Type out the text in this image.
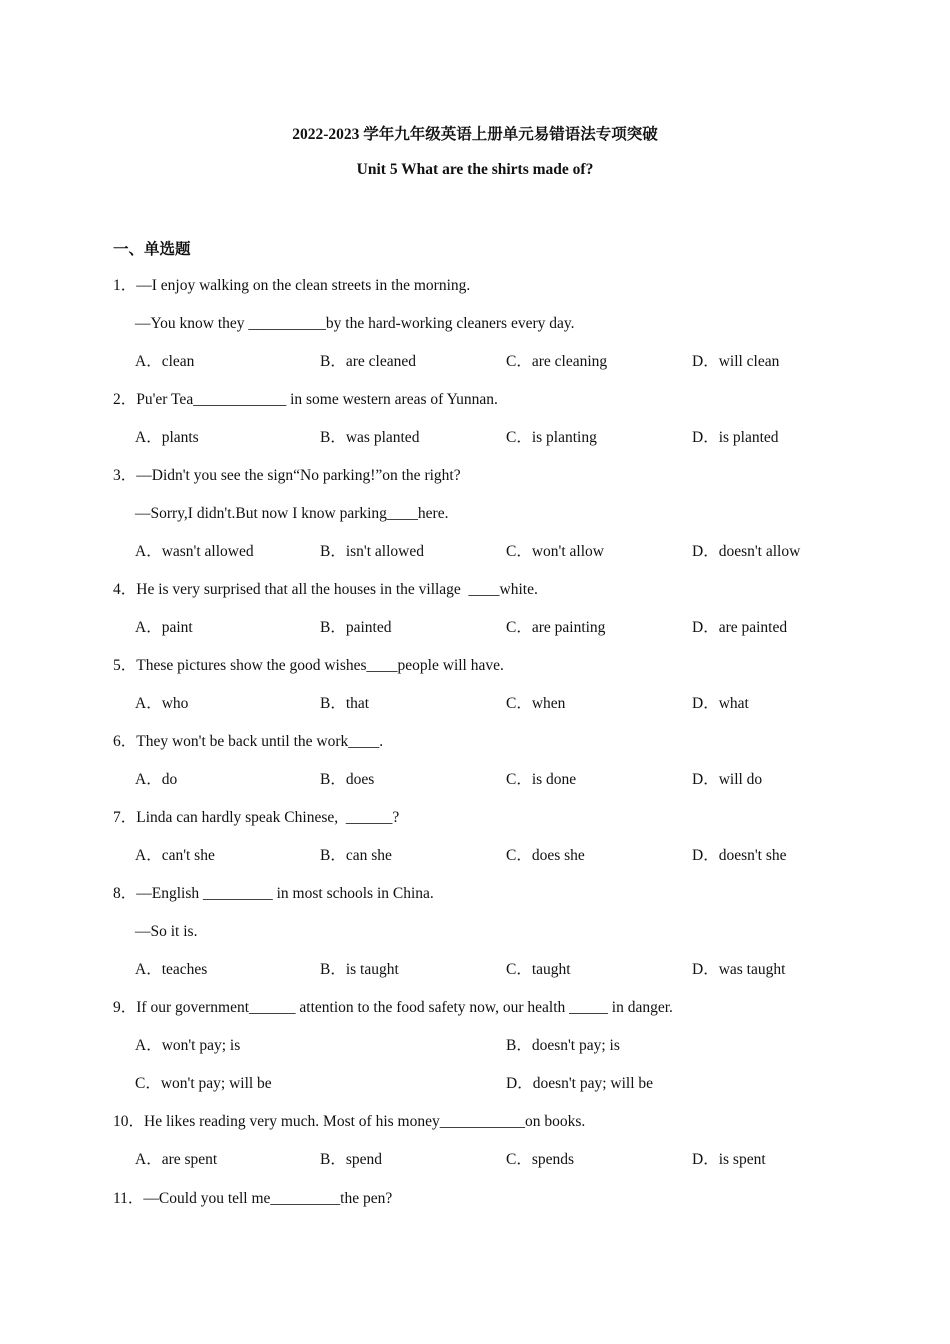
2022-2023 学年九年级英语上册单元易错语法专项突破
Unit 5 What are the shirts made of?
一、单选题
1．—I enjoy walking on the clean streets in the morning.
—You know they __________by the hard-working cleaners every day.
A．clean	B．are cleaned	C．are cleaning	D．will clean
2．Pu'er Tea____________ in some western areas of Yunnan.
A．plants	B．was planted	C．is planting	D．is planted
3．—Didn't you see the sign“No parking!”on the right?
—Sorry,I didn't.But now I know parking____here.
A．wasn't allowed	B．isn't allowed	C．won't allow	D．doesn't allow
4．He is very surprised that all the houses in the village  ____white.
A．paint	B．painted	C．are painting	D．are painted
5．These pictures show the good wishes____people will have.
A．who	B．that	C．when	D．what
6．They won't be back until the work____.
A．do	B．does	C．is done	D．will do
7．Linda can hardly speak Chinese,  ______?
A．can't she	B．can she	C．does she	D．doesn't she
8．—English _________ in most schools in China.
—So it is.
A．teaches	B．is taught	C．taught	D．was taught
9．If our government______ attention to the food safety now, our health _____ in danger.
A．won't pay; is	B．doesn't pay; is
C．won't pay; will be	D．doesn't pay; will be
10．He likes reading very much. Most of his money___________on books.
A．are spent	B．spend	C．spends	D．is spent
11．—Could you tell me_________the pen?
